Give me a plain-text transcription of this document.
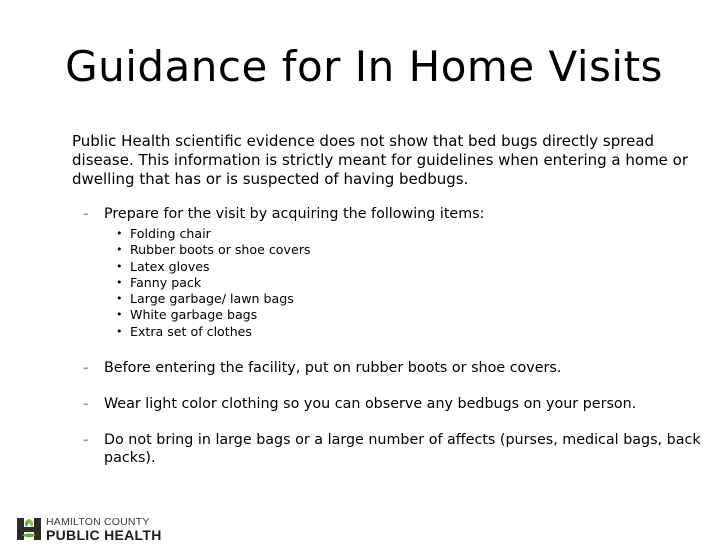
Guidance for In Home Visits
Public Health scientific evidence does not show that bed bugs directly spread disease. This information is strictly meant for guidelines when entering a home or dwelling that has or is suspected of having bedbugs.
– Prepare for the visit by acquiring the following items:
• Folding chair
• Rubber boots or shoe covers
• Latex gloves
• Fanny pack
• Large garbage/ lawn bags
• White garbage bags
• Extra set of clothes
– Before entering the facility, put on rubber boots or shoe covers.
– Wear light color clothing so you can observe any bedbugs on your person.
– Do not bring in large bags or a large number of affects (purses, medical bags, back packs).
HAMILTON COUNTY
PUBLIC HEALTH
